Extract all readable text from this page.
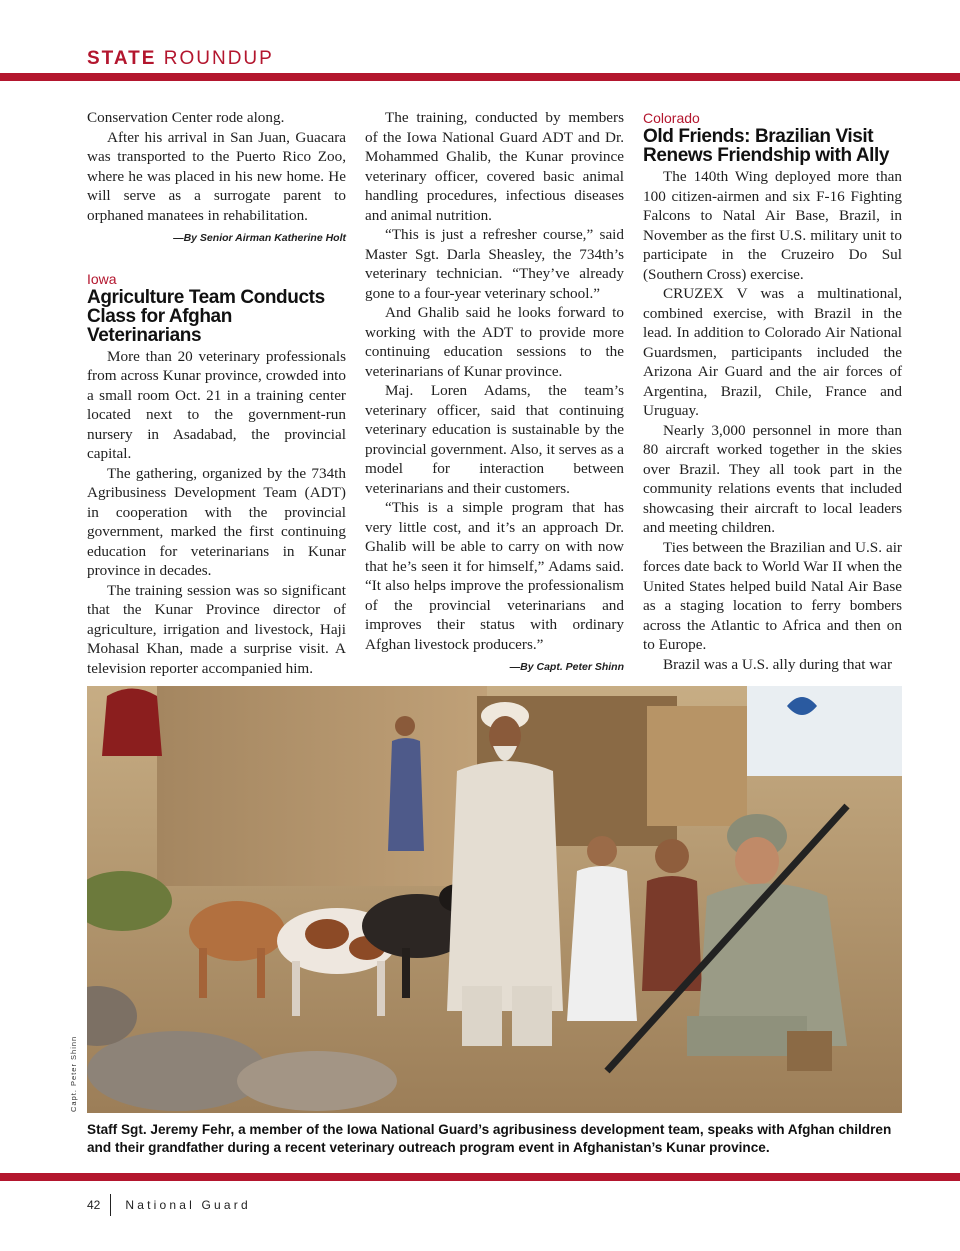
STATE ROUNDUP

Conservation Center rode along.

After his arrival in San Juan, Guacara was transported to the Puerto Rico Zoo, where he was placed in his new home. He will serve as a surrogate parent to orphaned manatees in rehabilitation.

—By Senior Airman Katherine Holt
Iowa
Agriculture Team Conducts Class for Afghan Veterinarians

More than 20 veterinary professionals from across Kunar province, crowded into a small room Oct. 21 in a training center located next to the government-run nursery in Asadabad, the provincial capital.

The gathering, organized by the 734th Agribusiness Development Team (ADT) in cooperation with the provincial government, marked the first continuing education for veterinarians in Kunar province in decades.

The training session was so significant that the Kunar Province director of agriculture, irrigation and livestock, Haji Mohasal Khan, made a surprise visit. A television reporter accompanied him.

The training, conducted by members of the Iowa National Guard ADT and Dr. Mohammed Ghalib, the Kunar province veterinary officer, covered basic animal handling procedures, infectious diseases and animal nutrition.

“This is just a refresher course,” said Master Sgt. Darla Sheasley, the 734th’s veterinary technician. “They’ve already gone to a four-year veterinary school.”

And Ghalib said he looks forward to working with the ADT to provide more continuing education sessions to the veterinarians of Kunar province.

Maj. Loren Adams, the team’s veterinary officer, said that continuing veterinary education is sustainable by the provincial government. Also, it serves as a model for interaction between veterinarians and their customers.

“This is a simple program that has very little cost, and it’s an approach Dr. Ghalib will be able to carry on with now that he’s seen it for himself,” Adams said. “It also helps improve the professionalism of the provincial veterinarians and improves their status with ordinary Afghan livestock producers.”

—By Capt. Peter Shinn
Colorado
Old Friends: Brazilian Visit Renews Friendship with Ally

The 140th Wing deployed more than 100 citizen-airmen and six F-16 Fighting Falcons to Natal Air Base, Brazil, in November as the first U.S. military unit to participate in the Cruzeiro Do Sul (Southern Cross) exercise.

CRUZEX V was a multinational, combined exercise, with Brazil in the lead. In addition to Colorado Air National Guardsmen, participants included the Arizona Air Guard and the air forces of Argentina, Brazil, Chile, France and Uruguay.

Nearly 3,000 personnel in more than 80 aircraft worked together in the skies over Brazil. They all took part in the community relations events that included showcasing their aircraft to local leaders and meeting children.

Ties between the Brazilian and U.S. air forces date back to World War II when the United States helped build Natal Air Base as a staging location to ferry bombers across the Atlantic to Africa and then on to Europe.

Brazil was a U.S. ally during that war

Capt. Peter Shinn
Staff Sgt. Jeremy Fehr, a member of the Iowa National Guard’s agribusiness development team, speaks with Afghan children and their grandfather during a recent veterinary outreach program event in Afghanistan’s Kunar province.
42 National Guard
